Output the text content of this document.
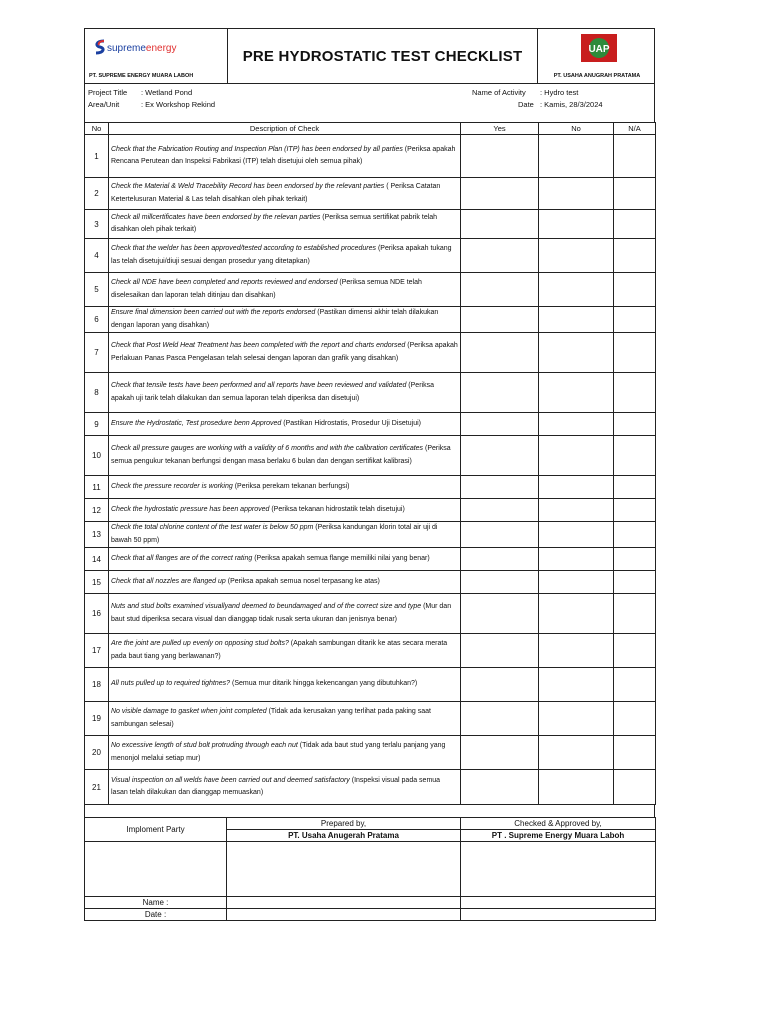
supremeenergy
PT. SUPREME ENERGY MUARA LABOH
PRE HYDROSTATIC TEST CHECKLIST	UAP
PT. USAHA ANUGRAH PRATAMA
Project Title : Wetland Pond
Area/Unit	: Ex Workshop Rekind
Name of Activity : Hydro test
Date : Kamis, 28/3/2024
No	Description of Check	Yes	No	N/A
1	Check that the Fabrication Routing and Inspection Plan (ITP) has been endorsed by all parties (Periksa apakah Rencana Perutean dan Inspeksi Fabrikasi (ITP) telah disetujui oleh semua pihak)			
2	Check the Material & Weld Tracebility Record has been endorsed by the relevant parties ( Periksa Catatan Ketertelusuran Material & Las telah disahkan oleh pihak terkait)			
3	Check all millcertificates have been endorsed by the relevan parties (Periksa semua sertifikat pabrik telah disahkan oleh pihak terkait)			
4	Check that the welder has been approved/tested according to established procedures (Periksa apakah tukang las telah disetujui/diuji sesuai dengan prosedur yang ditetapkan)			
5	Check all NDE have been completed and reports reviewed and endorsed (Periksa semua NDE telah diselesaikan dan laporan telah ditinjau dan disahkan)			
6	Ensure final dimension been carried out with the reports endorsed (Pastikan dimensi akhir telah dilakukan dengan laporan yang disahkan)			
7	Check that Post Weld Heat Treatment has been completed with the report and charts endorsed (Periksa apakah Perlakuan Panas Pasca Pengelasan telah selesai dengan laporan dan grafik yang disahkan)			
8	Check that tensile tests have been performed and all reports have been reviewed and validated (Periksa apakah uji tarik telah dilakukan dan semua laporan telah diperiksa dan disetujui)			
9	Ensure the Hydrostatic, Test prosedure benn Approved (Pastikan Hidrostatis, Prosedur Uji Disetujui)			
10	Check all pressure gauges are working with a validity of 6 months and with the calibration certificates (Periksa semua pengukur tekanan berfungsi dengan masa berlaku 6 bulan dan dengan sertifikat kalibrasi)			
11	Check the pressure recorder is working (Periksa perekam tekanan berfungsi)			
12	Check the hydrostatic pressure has been approved (Periksa tekanan hidrostatik telah disetujui)			
13	Check the total chlorine content of the test water is below 50 ppm (Periksa kandungan klorin total air uji di bawah 50 ppm)			
14	Check that all flanges are of the correct rating (Periksa apakah semua flange memiliki nilai yang benar)			
15	Check that all nozzles are flanged up (Periksa apakah semua nosel terpasang ke atas)			
16	Nuts and stud bolts examined visuallyand deemed to beundamaged and of the correct size and type (Mur dan baut stud diperiksa secara visual dan dianggap tidak rusak serta ukuran dan jenisnya benar)			
17	Are the joint are pulled up evenly on opposing stud bolts? (Apakah sambungan ditarik ke atas secara merata pada baut tiang yang berlawanan?)			
18	All nuts pulled up to required tightnes? (Semua mur ditarik hingga kekencangan yang dibutuhkan?)			
19	No visible damage to gasket when joint completed (Tidak ada kerusakan yang terlihat pada paking saat sambungan selesai)			
20	No excessive length of stud bolt protruding through each nut (Tidak ada baut stud yang terlalu panjang yang menonjol melalui setiap mur)			
21	Visual inspection on all welds have been carried out and deemed satisfactory (Inspeksi visual pada semua lasan telah dilakukan dan dianggap memuaskan)			
Imploment Party	Prepared by,	Checked & Approved by,
	PT. Usaha Anugerah Pratama	PT . Supreme Energy Muara Laboh

Name :		
Date :		
